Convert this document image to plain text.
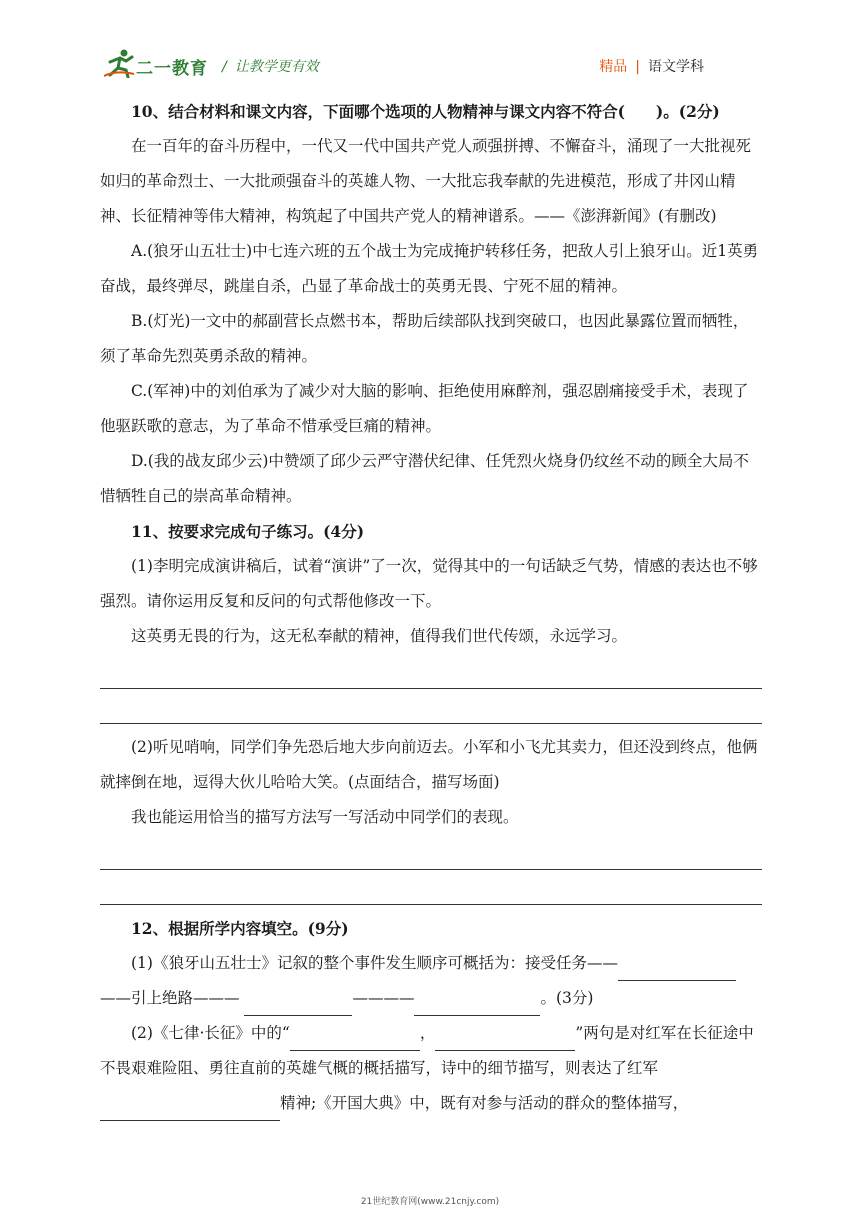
二一教育 / 让教学更有效	精品 | 语文学科

10、结合材料和课文内容，下面哪个选项的人物精神与课文内容不符合(　　)。(2分)

在一百年的奋斗历程中，一代又一代中国共产党人顽强拼搏、不懈奋斗，涌现了一大批视死如归的革命烈士、一大批顽强奋斗的英雄人物、一大批忘我奉献的先进模范，形成了井冈山精神、长征精神等伟大精神，构筑起了中国共产党人的精神谱系。——《澎湃新闻》(有删改)

A.(狼牙山五壮士)中七连六班的五个战士为完成掩护转移任务，把敌人引上狼牙山。近1英勇奋战，最终弹尽，跳崖自杀，凸显了革命战士的英勇无畏、宁死不屈的精神。

B.(灯光)一文中的郝副营长点燃书本，帮助后续部队找到突破口，也因此暴露位置而牺牲，须了革命先烈英勇杀敌的精神。

C.(军神)中的刘伯承为了减少对大脑的影响、拒绝使用麻醉剂，强忍剧痛接受手术，表现了他驱跃歌的意志，为了革命不惜承受巨痛的精神。

D.(我的战友邱少云)中赞颂了邱少云严守潜伏纪律、任凭烈火烧身仍纹丝不动的顾全大局不惜牺牲自己的崇高革命精神。

11、按要求完成句子练习。(4分)

(1)李明完成演讲稿后，试着“演讲”了一次，觉得其中的一句话缺乏气势，情感的表达也不够强烈。请你运用反复和反问的句式帮他修改一下。

这英勇无畏的行为，这无私奉献的精神，值得我们世代传颂，永远学习。

(2)听见哨响，同学们争先恐后地大步向前迈去。小军和小飞尤其卖力，但还没到终点，他俩就摔倒在地，逗得大伙儿哈哈大笑。(点面结合，描写场面)

我也能运用恰当的描写方法写一写活动中同学们的表现。

12、根据所学内容填空。(9分)

(1)《狼牙山五壮士》记叙的整个事件发生顺序可概括为：接受任务————引上绝路———	————	。(3分)

(2)《七律·长征》中的“	，	”两句是对红军在长征途中不畏艰难险阻、勇往直前的英雄气概的概括描写，诗中的细节描写，则表达了红军精神;《开国大典》中，既有对参与活动的群众的整体描写，

21世纪教育网(www.21cnjy.com)
